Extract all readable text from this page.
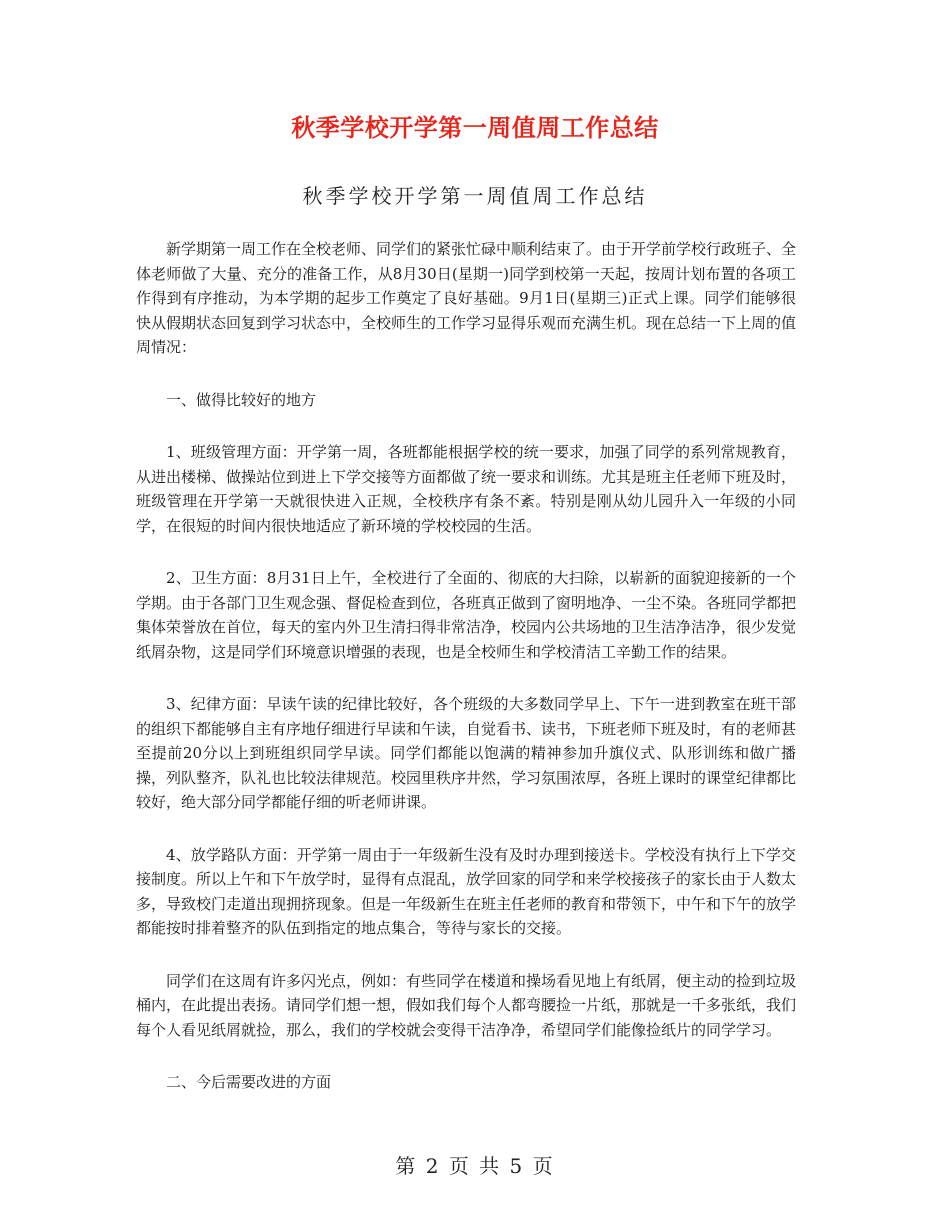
秋季学校开学第一周值周工作总结
秋季学校开学第一周值周工作总结

新学期第一周工作在全校老师、同学们的紧张忙碌中顺利结束了。由于开学前学校行政班子、全体老师做了大量、充分的准备工作，从8月30日(星期一)同学到校第一天起，按周计划布置的各项工作得到有序推动，为本学期的起步工作奠定了良好基础。9月1日(星期三)正式上课。同学们能够很快从假期状态回复到学习状态中，全校师生的工作学习显得乐观而充满生机。现在总结一下上周的值周情况：

一、做得比较好的地方

1、班级管理方面：开学第一周，各班都能根据学校的统一要求，加强了同学的系列常规教育，从进出楼梯、做操站位到进上下学交接等方面都做了统一要求和训练。尤其是班主任老师下班及时，班级管理在开学第一天就很快进入正规，全校秩序有条不紊。特别是刚从幼儿园升入一年级的小同学，在很短的时间内很快地适应了新环境的学校校园的生活。

2、卫生方面：8月31日上午，全校进行了全面的、彻底的大扫除，以崭新的面貌迎接新的一个学期。由于各部门卫生观念强、督促检查到位，各班真正做到了窗明地净、一尘不染。各班同学都把集体荣誉放在首位，每天的室内外卫生清扫得非常洁净，校园内公共场地的卫生洁净洁净，很少发觉纸屑杂物，这是同学们环境意识增强的表现，也是全校师生和学校清洁工辛勤工作的结果。

3、纪律方面：早读午读的纪律比较好，各个班级的大多数同学早上、下午一进到教室在班干部的组织下都能够自主有序地仔细进行早读和午读，自觉看书、读书，下班老师下班及时，有的老师甚至提前20分以上到班组织同学早读。同学们都能以饱满的精神参加升旗仪式、队形训练和做广播操，列队整齐，队礼也比较法律规范。校园里秩序井然，学习氛围浓厚，各班上课时的课堂纪律都比较好，绝大部分同学都能仔细的听老师讲课。

4、放学路队方面：开学第一周由于一年级新生没有及时办理到接送卡。学校没有执行上下学交接制度。所以上午和下午放学时，显得有点混乱，放学回家的同学和来学校接孩子的家长由于人数太多，导致校门走道出现拥挤现象。但是一年级新生在班主任老师的教育和带领下，中午和下午的放学都能按时排着整齐的队伍到指定的地点集合，等待与家长的交接。

同学们在这周有许多闪光点，例如：有些同学在楼道和操场看见地上有纸屑，便主动的捡到垃圾桶内，在此提出表扬。请同学们想一想，假如我们每个人都弯腰捡一片纸，那就是一千多张纸，我们每个人看见纸屑就捡，那么，我们的学校就会变得干洁净净，希望同学们能像捡纸片的同学学习。

二、今后需要改进的方面

第 2 页 共 5 页
